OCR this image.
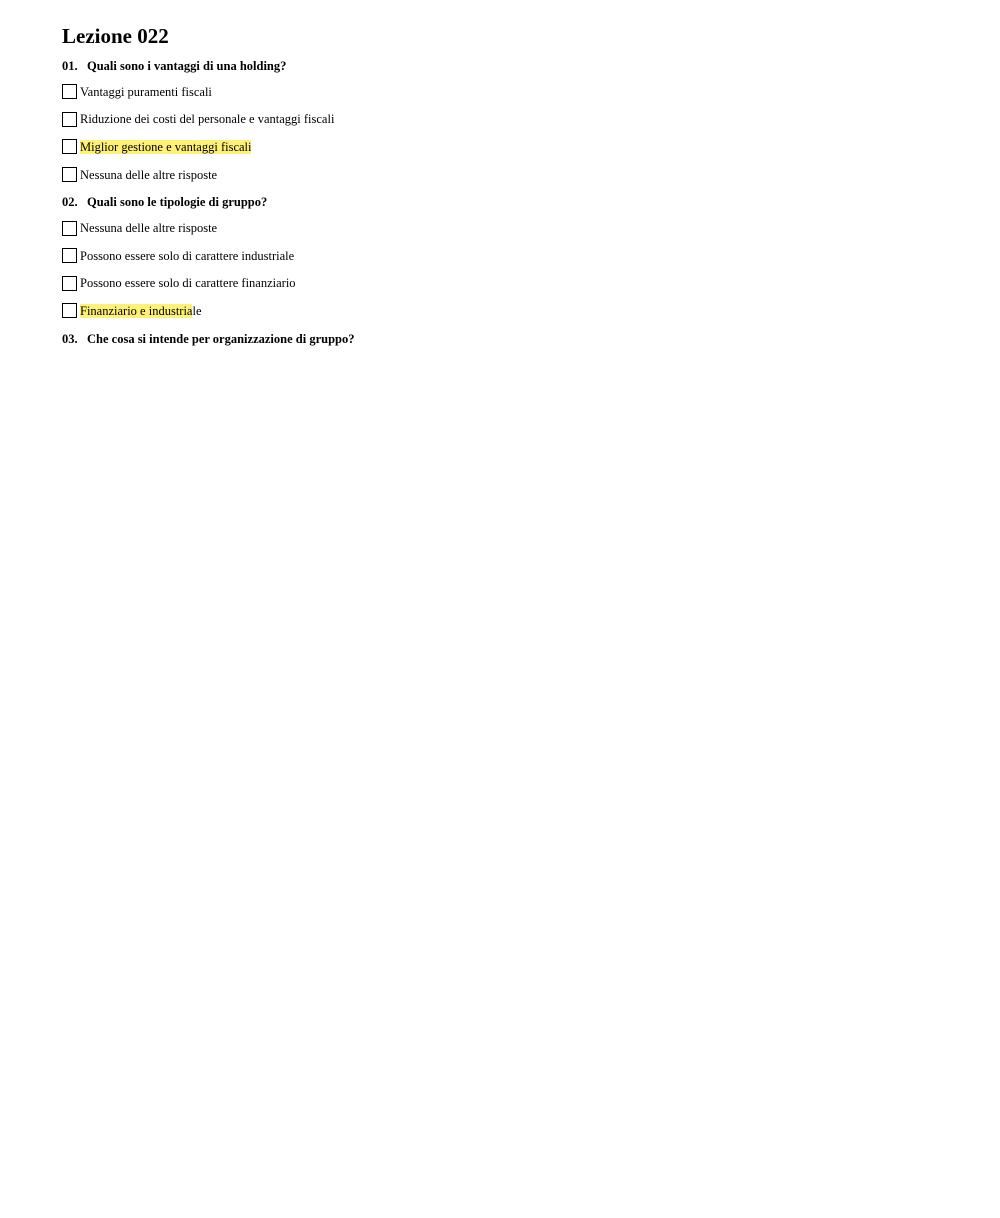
Lezione 022
01. Quali sono i vantaggi di una holding?
Vantaggi puramenti fiscali
Riduzione dei costi del personale e vantaggi fiscali
Miglior gestione e vantaggi fiscali
Nessuna delle altre risposte
02. Quali sono le tipologie di gruppo?
Nessuna delle altre risposte
Possono essere solo di carattere industriale
Possono essere solo di carattere finanziario
Finanziario e industriale
03. Che cosa si intende per organizzazione di gruppo?
